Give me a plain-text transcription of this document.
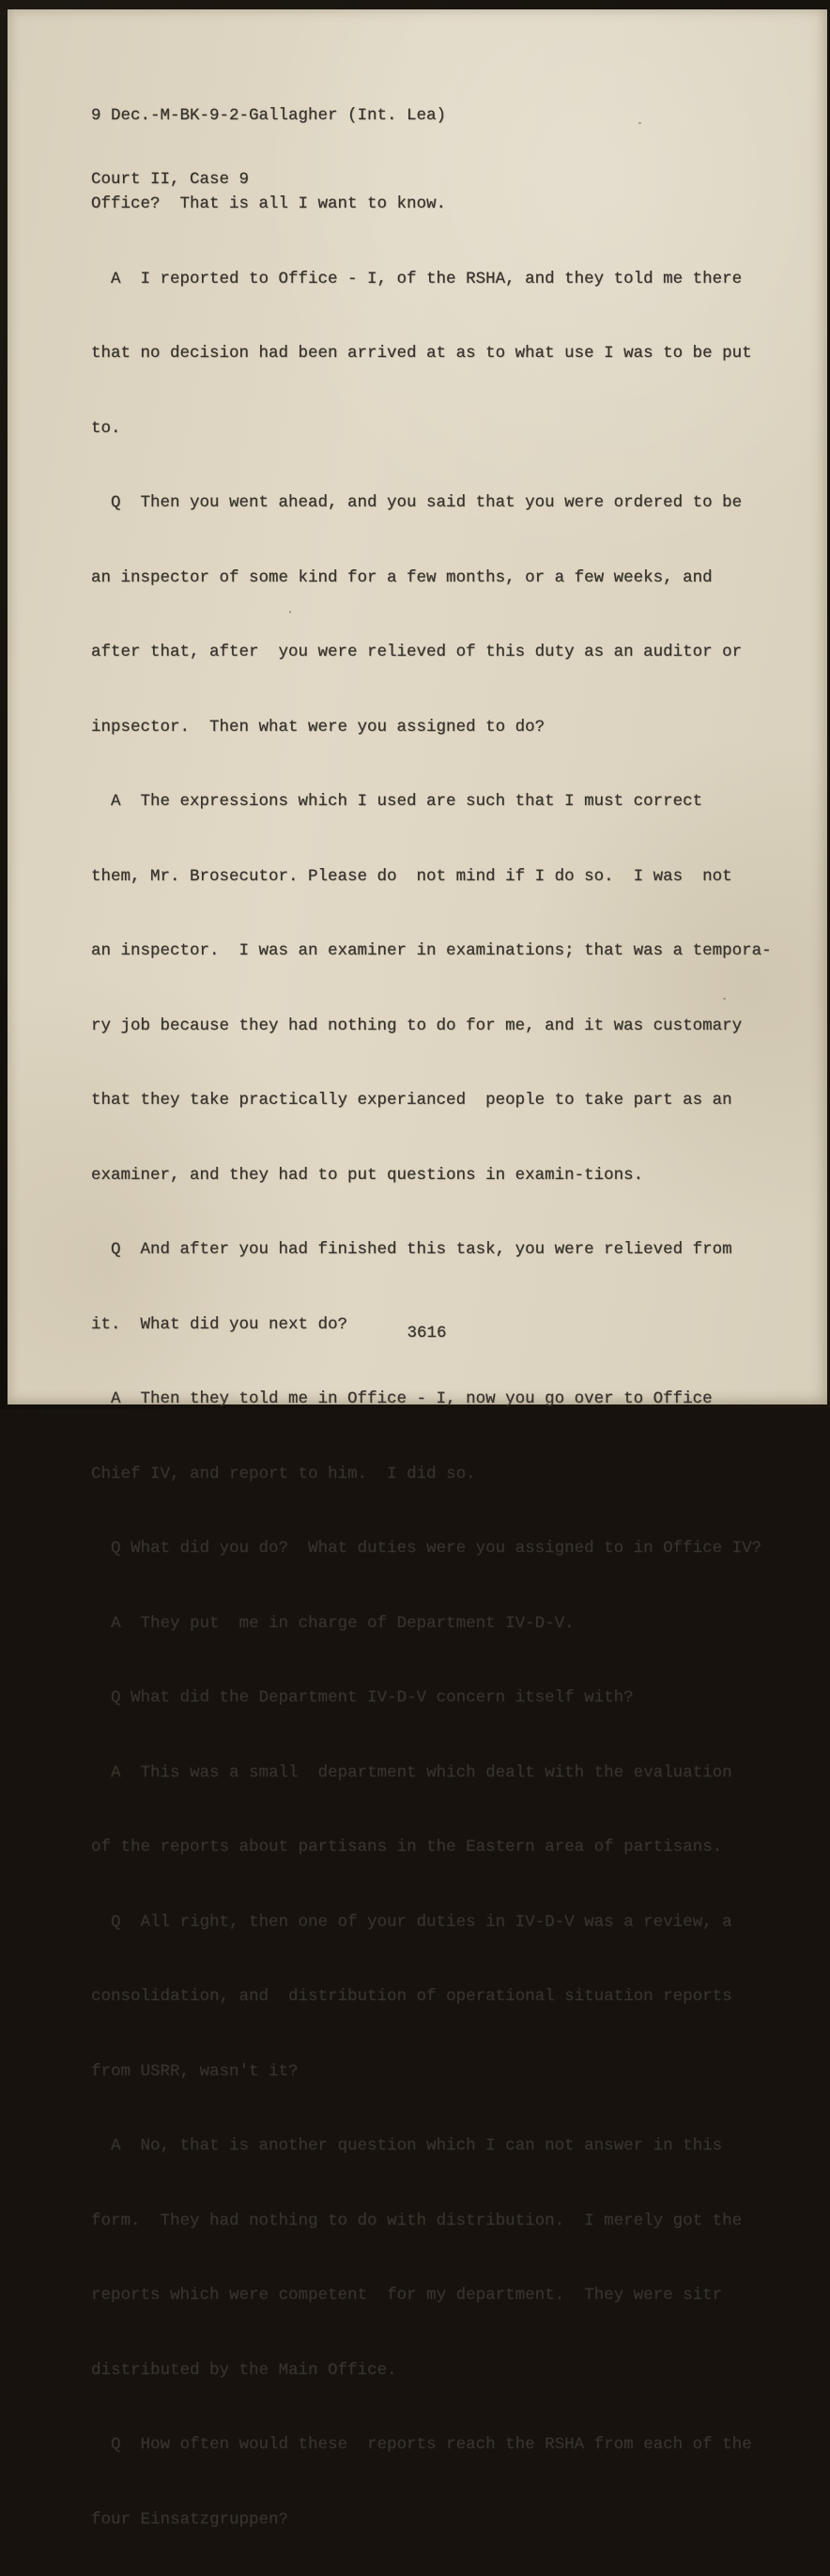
9 Dec.-M-BK-9-2-Gallagher (Int. Lea)

Court II, Case 9

Office?  That is all I want to know.

A  I reported to Office - I, of the RSHA, and they told me there

that no decision had been arrived at as to what use I was to be put

to.

Q  Then you went ahead, and you said that you were ordered to be

an inspector of some kind for a few months, or a few weeks, and

after that, after  you were relieved of this duty as an auditor or

inpsector.  Then what were you assigned to do?

A  The expressions which I used are such that I must correct

them, Mr. Brosecutor. Please do  not mind if I do so.  I was  not

an inspector.  I was an examiner in examinations; that was a tempora-

ry job because they had nothing to do for me, and it was customary

that they take practically experianced  people to take part as an

examiner, and they had to put questions in examin-tions.

Q  And after you had finished this task, you were relieved from

it.  What did you next do?

A  Then they told me in Office - I, now you go over to Office

Chief IV, and report to him.  I did so.

Q What did you do?  What duties were you assigned to in Office IV?

A  They put  me in charge of Department IV-D-V.

Q What did the Department IV-D-V concern itself with?

A  This was a small  department which dealt with the evaluation

of the reports about partisans in the Eastern area of partisans.

Q  All right, then one of your duties in IV-D-V was a review, a

consolidation, and  distribution of operational situation reports

from USRR, wasn't it?

A  No, that is another question which I can not answer in this

form.  They had nothing to do with distribution.  I merely got the

reports which were competent  for my department.  They were sitr

distributed by the Main Office.

Q  How often would these  reports reach the RSHA from each of the

four Einsatzgruppen?

3616
